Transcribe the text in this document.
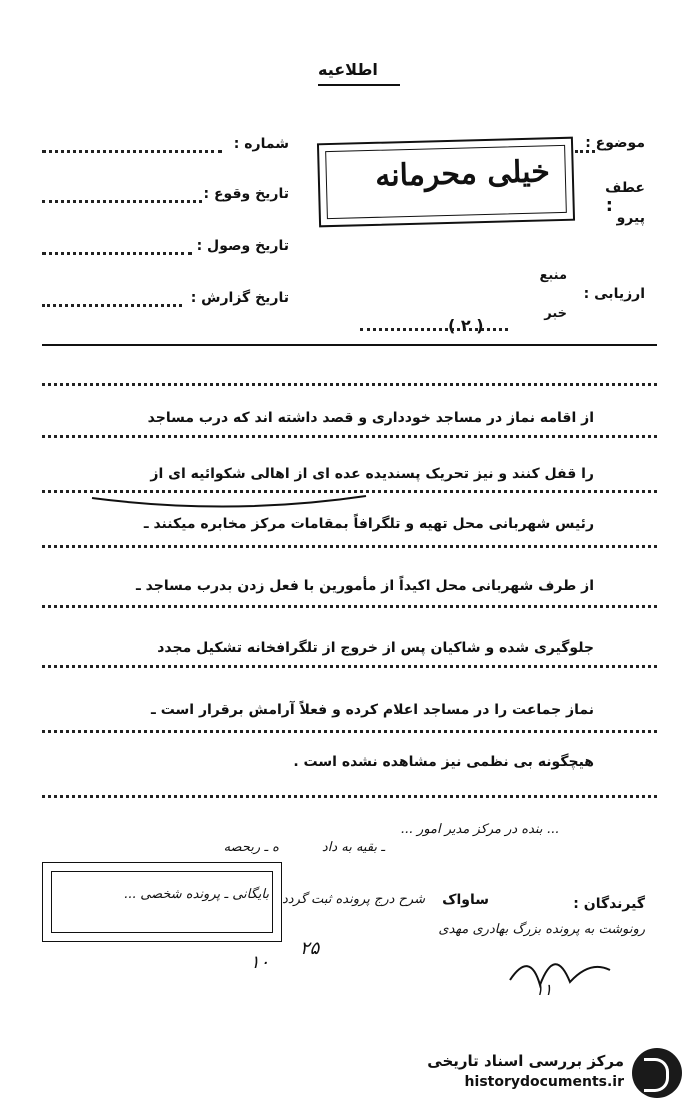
اطلاعیه
موضوع :
عطف
:
پیرو
ارزیابی :
منبع
خبر
( ۲ )
شماره :
تاریخ وقوع :
تاریخ وصول :
تاریخ گزارش :
خیلی محرمانه
از اقامه نماز در مساجد خودداری و قصد داشته اند که درب مساجد
را قفل کنند و نیز تحریک پسندیده عده ای از اهالی شکوائیه ای از
رئیس شهربانی محل تهیه و تلگرافاً بمقامات مرکز مخابره میکنند ـ
از طرف شهربانی محل اکیداً از مأمورین با فعل زدن بدرب مساجد ـ
جلوگیری شده و شاکیان پس از خروج از تلگرافخانه تشکیل مجدد
نماز جماعت را در مساجد اعلام کرده و فعلاً آرامش برقرار است ـ
هیچگونه بی نظمی نیز مشاهده نشده است .
... بنده در مرکز مدیر امور ...
ـ بقیه به داد
ه ـ ربحصه
گیرندگان :
ساواک
شرح درج پرونده ثبت گردد
رونوشت به پرونده بزرگ بهادری مهدی
بایگانی ـ پرونده شخصی ...
۲۵
۱۰
۱۱
مرکز بررسی اسناد تاریخی
historydocuments.ir
